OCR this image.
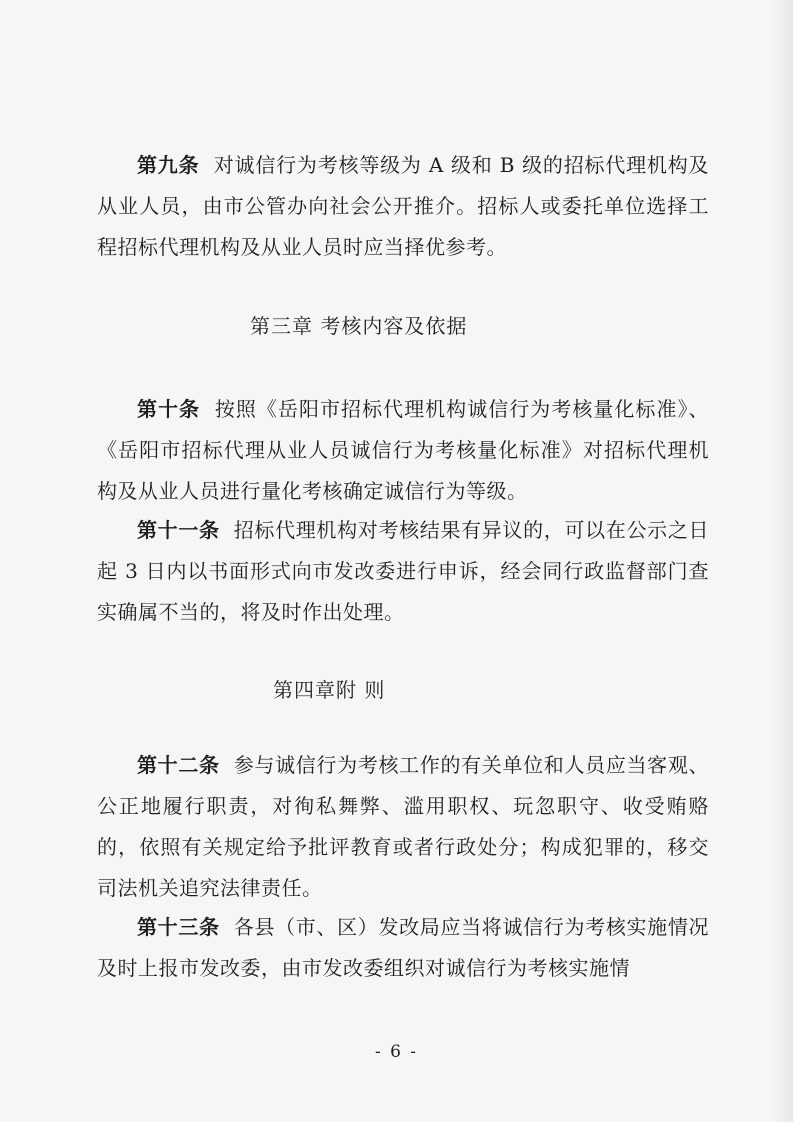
第九条 对诚信行为考核等级为 A 级和 B 级的招标代理机构及从业人员，由市公管办向社会公开推介。招标人或委托单位选择工程招标代理机构及从业人员时应当择优参考。

第三章 考核内容及依据

第十条 按照《岳阳市招标代理机构诚信行为考核量化标准》、《岳阳市招标代理从业人员诚信行为考核量化标准》对招标代理机构及从业人员进行量化考核确定诚信行为等级。

第十一条 招标代理机构对考核结果有异议的，可以在公示之日起 3 日内以书面形式向市发改委进行申诉，经会同行政监督部门查实确属不当的，将及时作出处理。

第四章附 则

第十二条 参与诚信行为考核工作的有关单位和人员应当客观、公正地履行职责，对徇私舞弊、滥用职权、玩忽职守、收受贿赂的，依照有关规定给予批评教育或者行政处分；构成犯罪的，移交司法机关追究法律责任。

第十三条 各县（市、区）发改局应当将诚信行为考核实施情况及时上报市发改委，由市发改委组织对诚信行为考核实施情

- 6 -
